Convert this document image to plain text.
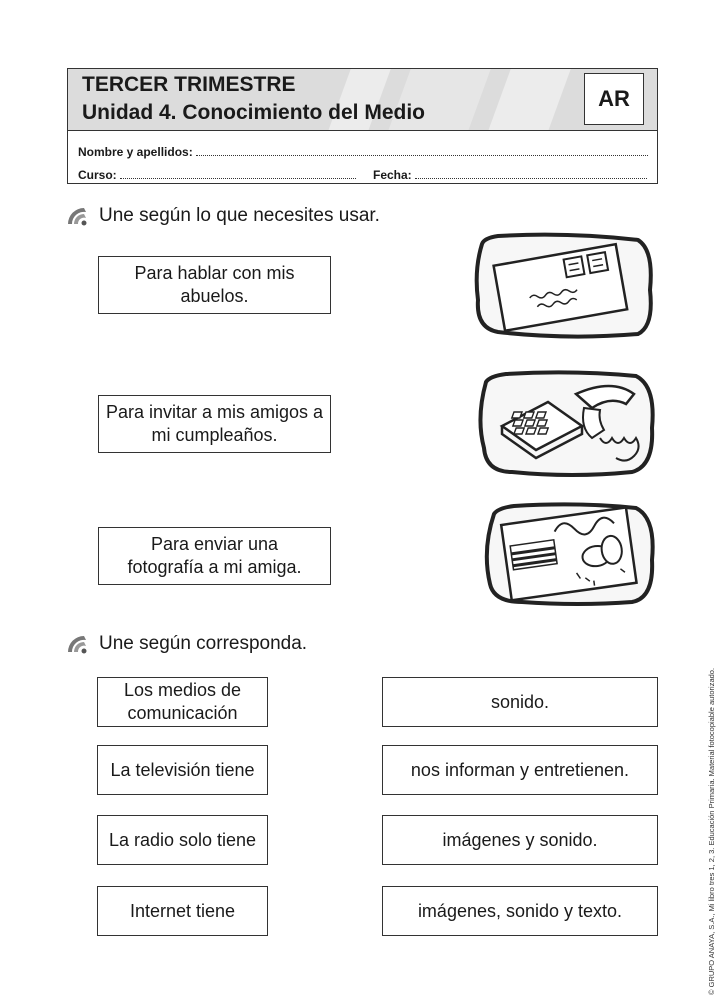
TERCER TRIMESTRE
Unidad 4. Conocimiento del Medio
AR
Nombre y apellidos:
Curso:	Fecha:
Une según lo que necesites usar.
Para hablar con mis abuelos.
Para invitar a mis amigos a mi cumpleaños.
Para enviar una fotografía a mi amiga.
Une según corresponda.
Los medios de comunicación
La televisión tiene
La radio solo tiene
Internet tiene
sonido.
nos informan y entretienen.
imágenes y sonido.
imágenes, sonido y texto.	© GRUPO ANAYA, S.A., Mi libro tres 1, 2, 3. Educación Primaria. Material fotocopiable autorizado.
